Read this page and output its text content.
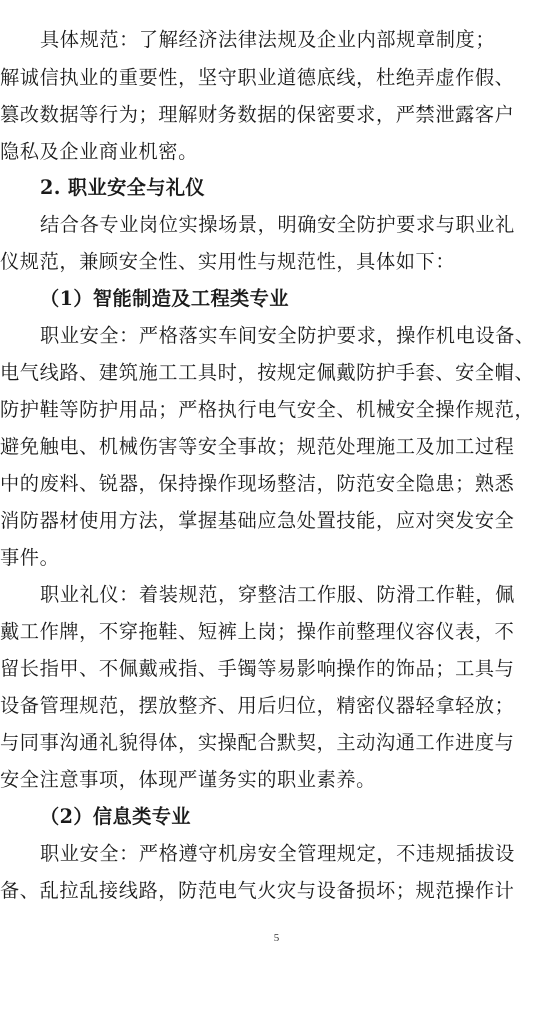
具体规范：了解经济法律法规及企业内部规章制度；
解诚信执业的重要性，坚守职业道德底线，杜绝弄虚作假、
篡改数据等行为；理解财务数据的保密要求，严禁泄露客户
隐私及企业商业机密。
2. 职业安全与礼仪
结合各专业岗位实操场景，明确安全防护要求与职业礼
仪规范，兼顾安全性、实用性与规范性，具体如下：
（1）智能制造及工程类专业
职业安全：严格落实车间安全防护要求，操作机电设备、
电气线路、建筑施工工具时，按规定佩戴防护手套、安全帽、
防护鞋等防护用品；严格执行电气安全、机械安全操作规范，
避免触电、机械伤害等安全事故；规范处理施工及加工过程
中的废料、锐器，保持操作现场整洁，防范安全隐患；熟悉
消防器材使用方法，掌握基础应急处置技能，应对突发安全
事件。
职业礼仪：着装规范，穿整洁工作服、防滑工作鞋，佩
戴工作牌，不穿拖鞋、短裤上岗；操作前整理仪容仪表，不
留长指甲、不佩戴戒指、手镯等易影响操作的饰品；工具与
设备管理规范，摆放整齐、用后归位，精密仪器轻拿轻放；
与同事沟通礼貌得体，实操配合默契，主动沟通工作进度与
安全注意事项，体现严谨务实的职业素养。
（2）信息类专业
职业安全：严格遵守机房安全管理规定，不违规插拔设
备、乱拉乱接线路，防范电气火灾与设备损坏；规范操作计
5
